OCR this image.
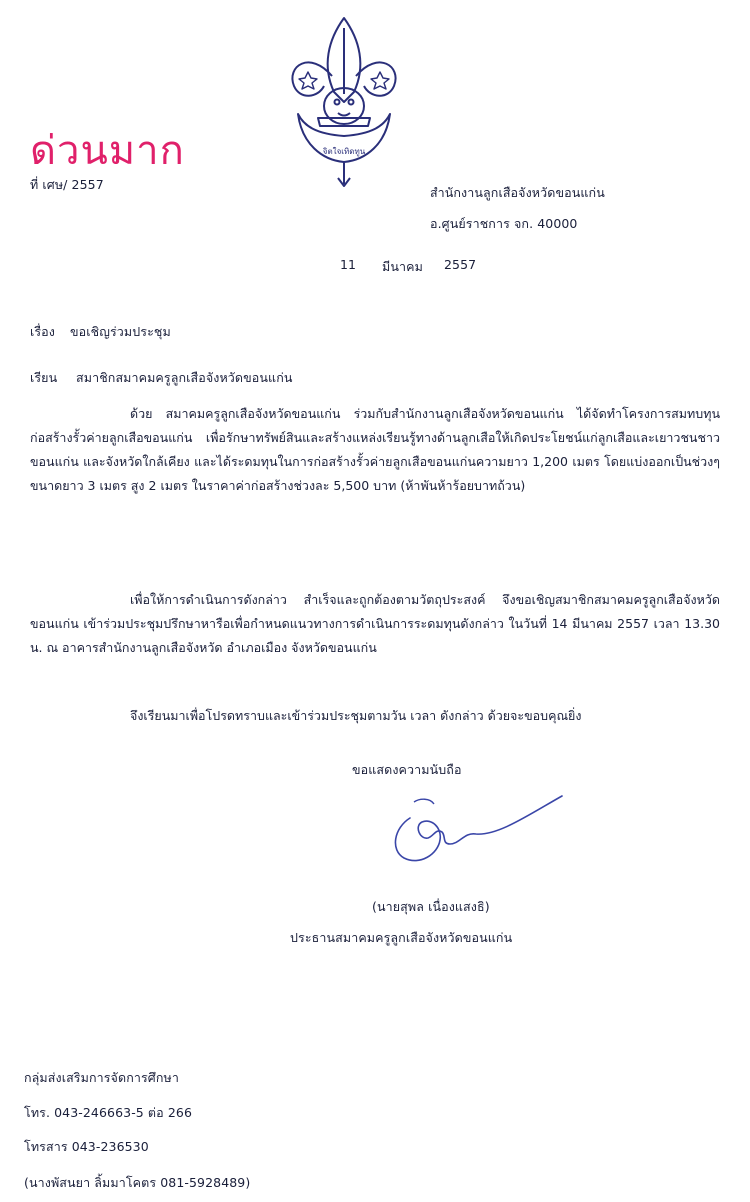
จิตใจเทิดทูน
ด่วนมาก
ที่ เศษ/ 2557
สำนักงานลูกเสือจังหวัดขอนแก่น
อ.ศูนย์ราชการ จก. 40000
11 มีนาคม 2557
เรื่อง ขอเชิญร่วมประชุม
เรียน สมาชิกสมาคมครูลูกเสือจังหวัดขอนแก่น
ด้วย สมาคมครูลูกเสือจังหวัดขอนแก่น ร่วมกับสำนักงานลูกเสือจังหวัดขอนแก่น ได้จัดทำโครงการสมทบทุนก่อสร้างรั้วค่ายลูกเสือขอนแก่น เพื่อรักษาทรัพย์สินและสร้างแหล่งเรียนรู้ทางด้านลูกเสือให้เกิดประโยชน์แก่ลูกเสือและเยาวชนชาวขอนแก่น และจังหวัดใกล้เคียง และได้ระดมทุนในการก่อสร้างรั้วค่ายลูกเสือขอนแก่นความยาว 1,200 เมตร โดยแบ่งออกเป็นช่วงๆ ขนาดยาว 3 เมตร สูง 2 เมตร ในราคาค่าก่อสร้างช่วงละ 5,500 บาท (ห้าพันห้าร้อยบาทถ้วน)
เพื่อให้การดำเนินการดังกล่าว สำเร็จและถูกต้องตามวัตถุประสงค์ จึงขอเชิญสมาชิกสมาคมครูลูกเสือจังหวัดขอนแก่น เข้าร่วมประชุมปรึกษาหารือเพื่อกำหนดแนวทางการดำเนินการระดมทุนดังกล่าว ในวันที่ 14 มีนาคม 2557 เวลา 13.30 น. ณ อาคารสำนักงานลูกเสือจังหวัด อำเภอเมือง จังหวัดขอนแก่น
จึงเรียนมาเพื่อโปรดทราบและเข้าร่วมประชุมตามวัน เวลา ดังกล่าว ด้วยจะขอบคุณยิ่ง
ขอแสดงความนับถือ
(นายสุพล เนื่องแสงธิ)
ประธานสมาคมครูลูกเสือจังหวัดขอนแก่น
กลุ่มส่งเสริมการจัดการศึกษา
โทร. 043-246663-5 ต่อ 266
โทรสาร 043-236530
(นางพัสนยา ลิ้มมาโคตร 081-5928489)
